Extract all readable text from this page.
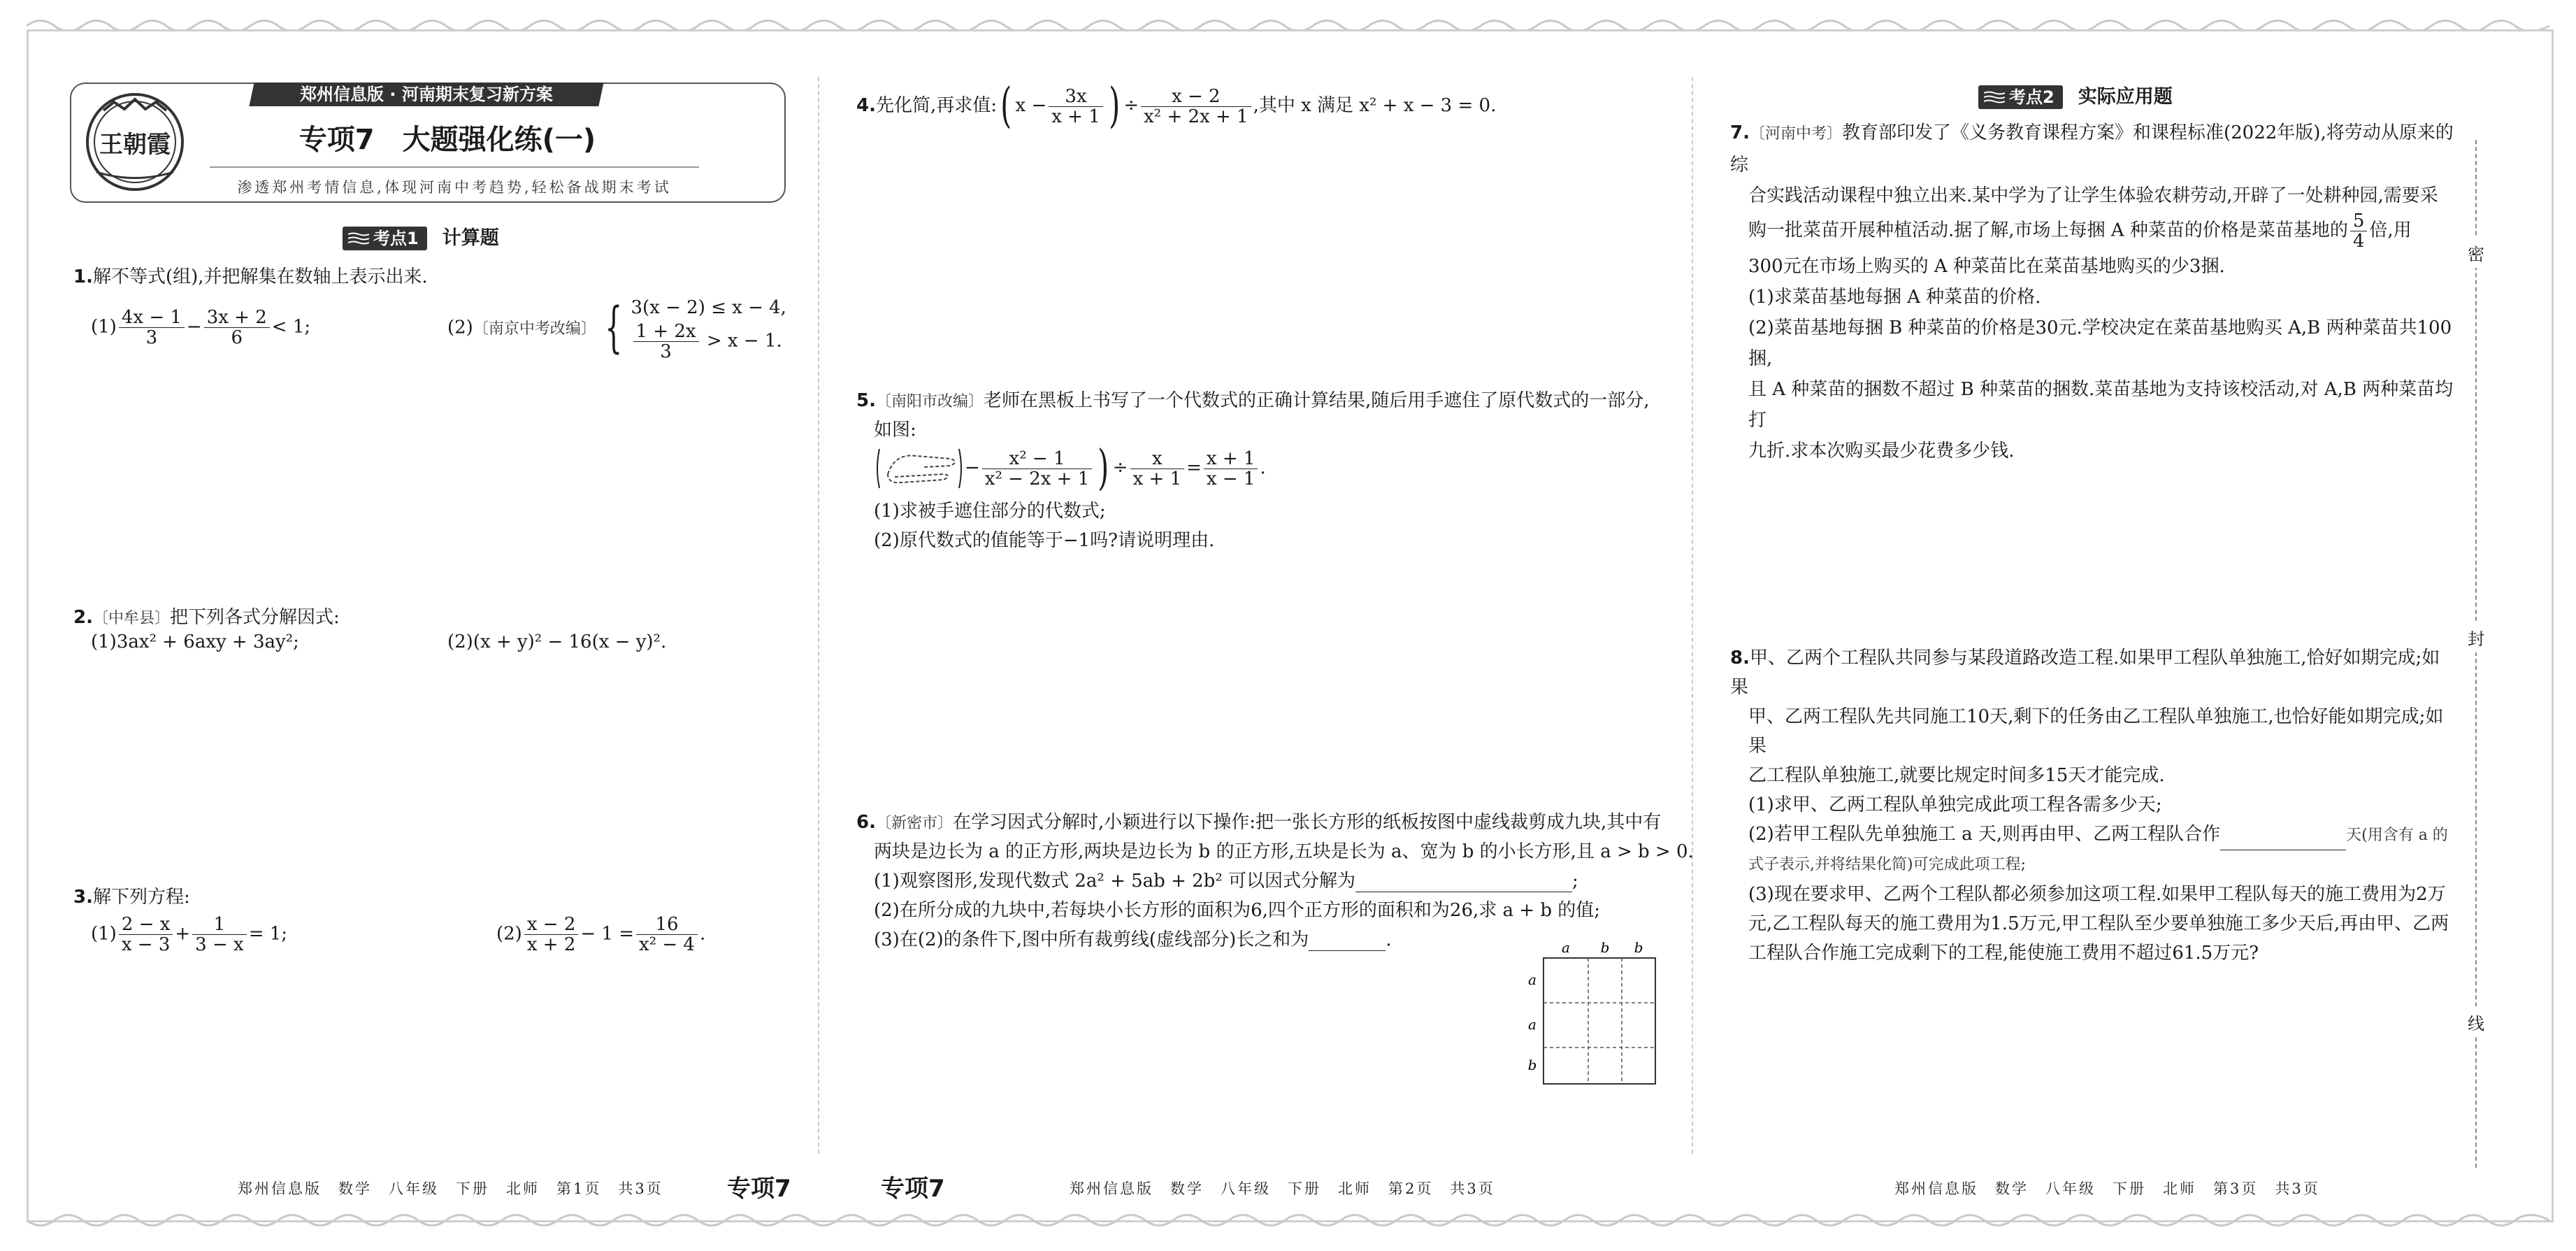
王朝霞
郑州信息版 · 河南期末复习新方案
专项7　大题强化练(一)
渗透郑州考情信息,体现河南中考趋势,轻松备战期末考试
考点1 计算题
1.解不等式(组),并把解集在数轴上表示出来.
$(1) \frac{4x - 1}{3} - \frac{3x + 2}{6} < 1$;	(2)〔南京中考改编〕 { 3(x − 2) ≤ x − 4,
$\frac{1 + 2x}{3} > x - 1$.
2.〔中牟县〕把下列各式分解因式:
(1)3ax² + 6axy + 3ay²;	(2)(x + y)² − 16(x − y)².
3.解下列方程:
$(1) \frac{2 - x}{x - 3} + \frac{1}{3 - x} = 1$;	$(2) \frac{x - 2}{x + 2} - 1 = \frac{16}{\text{x² − 4}}$ .
4.先化简,再求值:( $x - \frac{3x}{x + 1}$ ) ÷ $\frac{x - 2}{\text{x² + 2x + 1}}$ ,其中 x 满足 x² + x − 3 = 0.
5.〔南阳市改编〕老师在黑板上书写了一个代数式的正确计算结果,随后用手遮住了原代数式的一部分,
如图:
− $\frac{\text{x² − 1}}{\text{x² − 2x + 1}}$ ) ÷ $\frac{x}{x + 1} = \frac{x + 1}{x - 1}$ .
(1)求被手遮住部分的代数式;
(2)原代数式的值能等于−1吗?请说明理由.
6.〔新密市〕在学习因式分解时,小颖进行以下操作:把一张长方形的纸板按图中虚线裁剪成九块,其中有
两块是边长为 a 的正方形,两块是边长为 b 的正方形,五块是长为 a、宽为 b 的小长方形,且 a > b > 0.
(1)观察图形,发现代数式 2a² + 5ab + 2b² 可以因式分解为	;
(2)在所分成的九块中,若每块小长方形的面积为6,四个正方形的面积和为26,求 a + b 的值;
(3)在(2)的条件下,图中所有裁剪线(虚线部分)长之和为	.	a b b
a
a
b
考点2 实际应用题
7.〔河南中考〕教育部印发了《义务教育课程方案》和课程标准(2022年版),将劳动从原来的综
合实践活动课程中独立出来.某中学为了让学生体验农耕劳动,开辟了一处耕种园,需要采
购一批菜苗开展种植活动.据了解,市场上每捆 A 种菜苗的价格是菜苗基地的 $\frac{5}{4}$ 倍,用
300元在市场上购买的 A 种菜苗比在菜苗基地购买的少3捆.
(1)求菜苗基地每捆 A 种菜苗的价格.
(2)菜苗基地每捆 B 种菜苗的价格是30元.学校决定在菜苗基地购买 A,B 两种菜苗共100捆,
且 A 种菜苗的捆数不超过 B 种菜苗的捆数.菜苗基地为支持该校活动,对 A,B 两种菜苗均打
九折.求本次购买最少花费多少钱.
8.甲、乙两个工程队共同参与某段道路改造工程.如果甲工程队单独施工,恰好如期完成;如果
甲、乙两工程队先共同施工10天,剩下的任务由乙工程队单独施工,也恰好能如期完成;如果
乙工程队单独施工,就要比规定时间多15天才能完成.
(1)求甲、乙两工程队单独完成此项工程各需多少天;
(2)若甲工程队先单独施工 a 天,则再由甲、乙两工程队合作	天(用含有 a 的
式子表示,并将结果化简)可完成此项工程;
(3)现在要求甲、乙两个工程队都必须参加这项工程.如果甲工程队每天的施工费用为2万
元,乙工程队每天的施工费用为1.5万元,甲工程队至少要单独施工多少天后,再由甲、乙两
工程队合作施工完成剩下的工程,能使施工费用不超过61.5万元?
密
封
线
郑州信息版　数学　八年级　下册　北师　第1页　共3页	专项7	专项7	郑州信息版　数学　八年级　下册　北师　第2页　共3页	郑州信息版　数学　八年级　下册　北师　第3页　共3页
